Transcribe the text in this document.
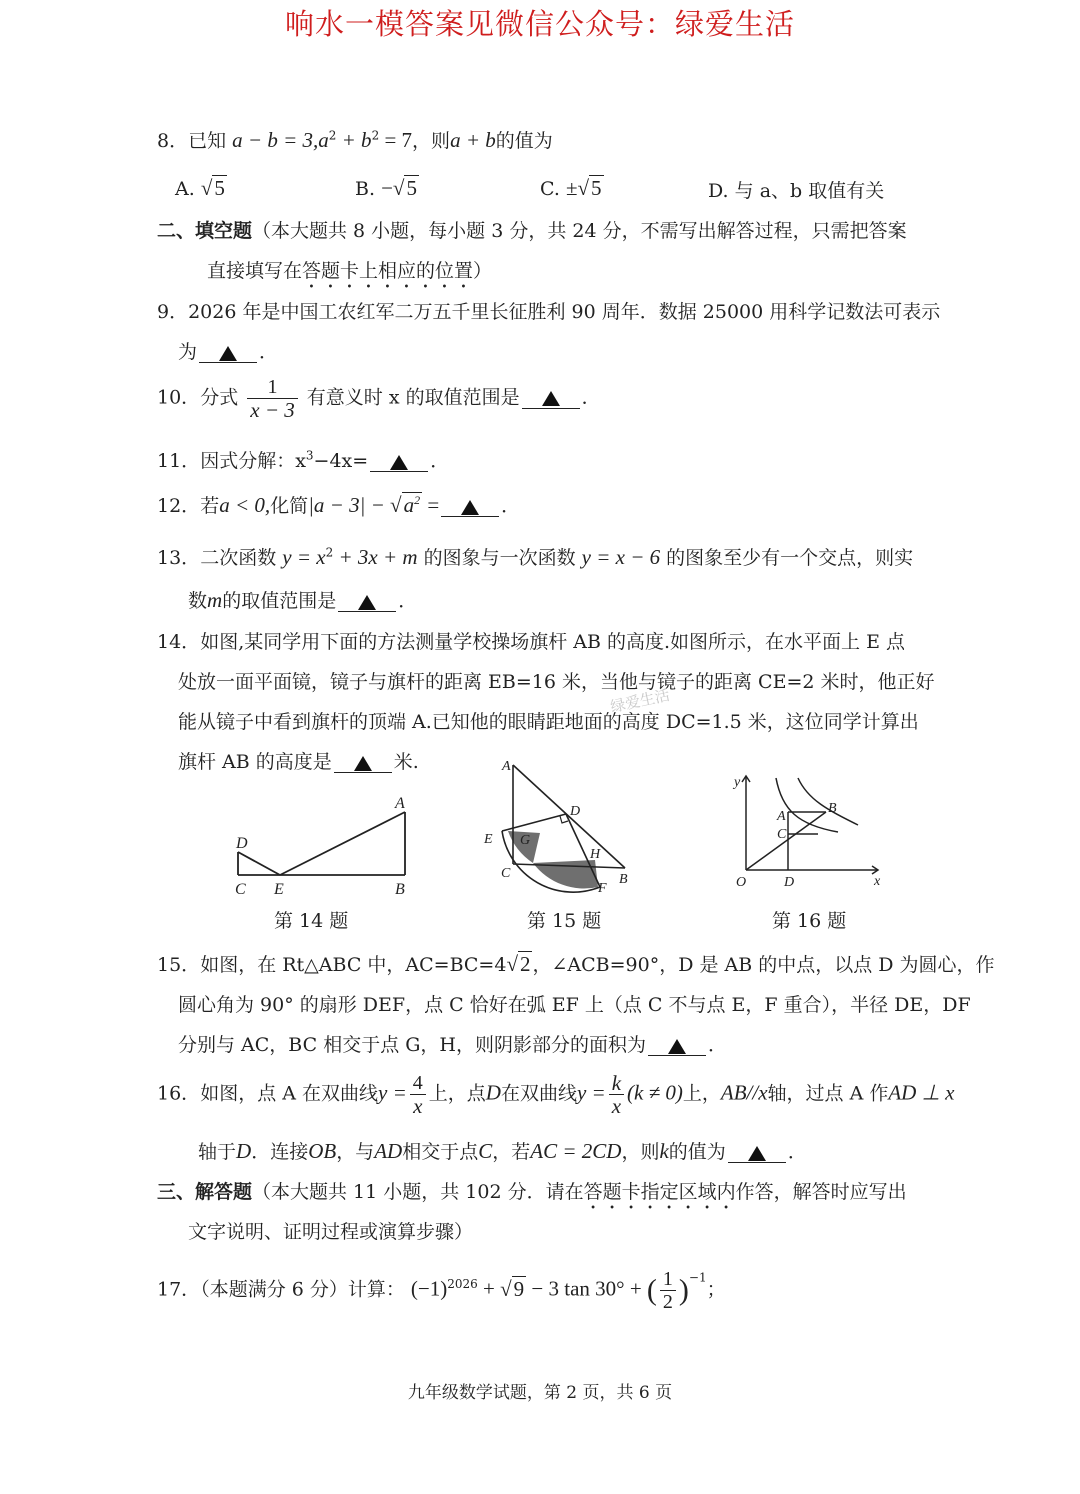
响水一模答案见微信公众号：绿爱生活
8．已知 $a - b = 3,a^2 + b^2 = 7$，则a + b的值为
A. √5	B. −√5	C. ±√5	D. 与 a、b 取值有关
二、填空题（本大题共 8 小题，每小题 3 分，共 24 分，不需写出解答过程，只需把答案
直接填写在答题卡上相应的位置）
9．2026 年是中国工农红军二万五千里长征胜利 90 周年．数据 25000 用科学记数法可表示
为	．
10．分式 $\frac{1}{x - 3}$ 有意义时 x 的取值范围是	．
11．因式分解：$x^3-4x=$	．
12．若a < 0,化简$|a - 3| - √a^2$ =	．
13．二次函数 $y = x^2 + 3x + m$ 的图象与一次函数 y = x − 6 的图象至少有一个交点，则实
数m的取值范围是	．
14．如图,某同学用下面的方法测量学校操场旗杆 AB 的高度.如图所示，在水平面上 E 点
处放一面平面镜，镜子与旗杆的距离 EB=16 米，当他与镜子的距离 CE=2 米时，他正好
能从镜子中看到旗杆的顶端 A.已知他的眼睛距地面的高度 DC=1.5 米，这位同学计算出
旗杆 AB 的高度是	米.
绿爱生活
A
B
C
D
E
第 14 题
A
B
C
D
E
F
G
H
第 15 题
y
x
O	D
A
B
C
第 16 题
15．如图，在 Rt△ABC 中，AC=BC=4√2 ，∠ACB=90°，D 是 AB 的中点，以点 D 为圆心，作
圆心角为 90° 的扇形 DEF，点 C 恰好在弧 EF 上（点 C 不与点 E，F 重合），半径 DE，DF
分别与 AC，BC 相交于点 G，H，则阴影部分的面积为	．
16．如图，点 A 在双曲线$y = \frac{4}{x}$ 上，点D在双曲线$y = \frac{k}{x} (k \ne 0)$上，AB//x轴，过点 A 作AD ⊥ x
轴于D．连接OB，与AD相交于点C，若AC = 2CD，则k的值为	．
三、解答题（本大题共 11 小题，共 102 分．请在答题卡指定区域内作答，解答时应写出
文字说明、证明过程或演算步骤）
17．（本题满分 6 分）计算： $(-1)^{2026} + √9 - 3$ tan 30° + ( $\frac{1}{2} )^{-1}$；
九年级数学试题，第 2 页，共 6 页
